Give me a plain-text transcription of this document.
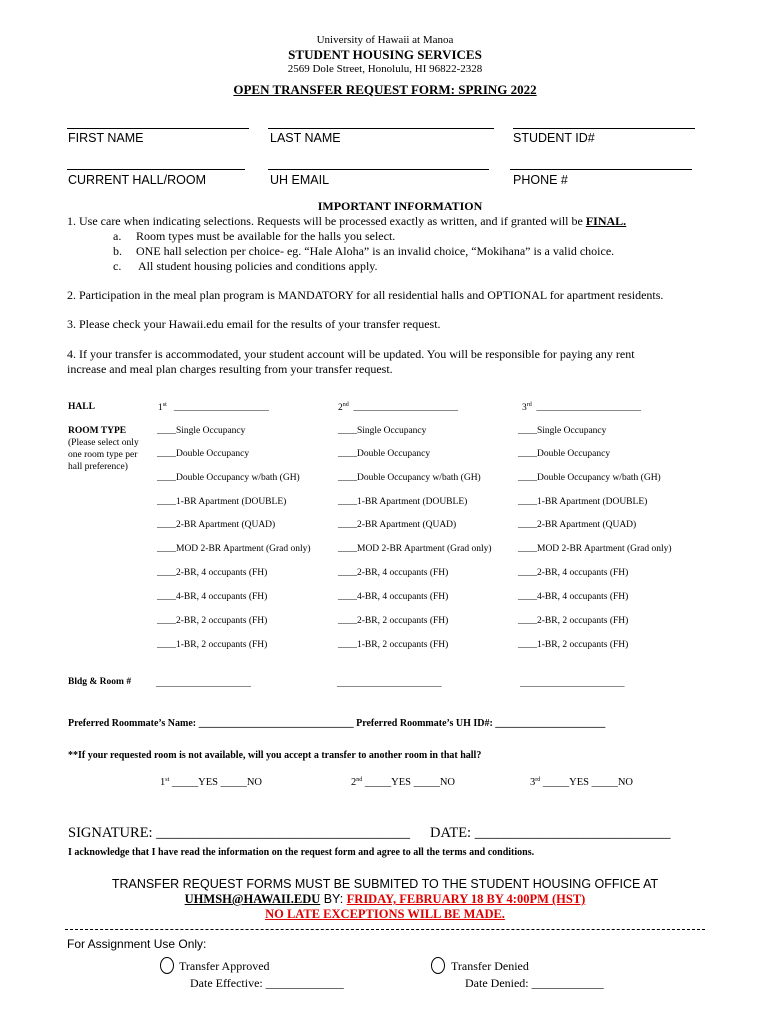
University of Hawaii at Manoa
STUDENT HOUSING SERVICES
2569 Dole Street, Honolulu, HI 96822-2328
OPEN TRANSFER REQUEST FORM: SPRING 2022
FIRST NAME	LAST NAME	STUDENT ID#
CURRENT HALL/ROOM	UH EMAIL	PHONE #
IMPORTANT INFORMATION
1. Use care when indicating selections. Requests will be processed exactly as written, and if granted will be FINAL.
a. Room types must be available for the halls you select.
b. ONE hall selection per choice- eg. “Hale Aloha” is an invalid choice, “Mokihana” is a valid choice.
c. All student housing policies and conditions apply.
2. Participation in the meal plan program is MANDATORY for all residential halls and OPTIONAL for apartment residents.
3. Please check your Hawaii.edu email for the results of your transfer request.
4. If your transfer is accommodated, your student account will be updated. You will be responsible for paying any rent
increase and meal plan charges resulting from your transfer request.
HALL	1st ____________________	2nd ______________________	3rd ______________________
ROOM TYPE
(Please select only
one room type per
hall preference)
____Single Occupancy	____Single Occupancy	____Single Occupancy
____Double Occupancy	____Double Occupancy	____Double Occupancy
____Double Occupancy w/bath (GH)	____Double Occupancy w/bath (GH)	____Double Occupancy w/bath (GH)
____1-BR Apartment (DOUBLE)	____1-BR Apartment (DOUBLE)	____1-BR Apartment (DOUBLE)
____2-BR Apartment (QUAD)	____2-BR Apartment (QUAD)	____2-BR Apartment (QUAD)
____MOD 2-BR Apartment (Grad only)	____MOD 2-BR Apartment (Grad only)	____MOD 2-BR Apartment (Grad only)
____2-BR, 4 occupants (FH)	____2-BR, 4 occupants (FH)	____2-BR, 4 occupants (FH)
____4-BR, 4 occupants (FH)	____4-BR, 4 occupants (FH)	____4-BR, 4 occupants (FH)
____2-BR, 2 occupants (FH)	____2-BR, 2 occupants (FH)	____2-BR, 2 occupants (FH)
____1-BR, 2 occupants (FH)	____1-BR, 2 occupants (FH)	____1-BR, 2 occupants (FH)
Bldg & Room #	____________________	______________________	______________________
Preferred Roommate’s Name: _______________________________ Preferred Roommate’s UH ID#: ______________________
**If your requested room is not available, will you accept a transfer to another room in that hall?
1st _____YES _____NO	2nd _____YES _____NO	3rd _____YES _____NO
SIGNATURE: ___________________________________ DATE: ___________________________
I acknowledge that I have read the information on the request form and agree to all the terms and conditions.
TRANSFER REQUEST FORMS MUST BE SUBMITED TO THE STUDENT HOUSING OFFICE AT
UHMSH@HAWAII.EDU BY: FRIDAY, FEBRUARY 18 BY 4:00PM (HST)
NO LATE EXCEPTIONS WILL BE MADE.
For Assignment Use Only:
Transfer Approved
Date Effective: _____________
Transfer Denied
Date Denied: ____________
